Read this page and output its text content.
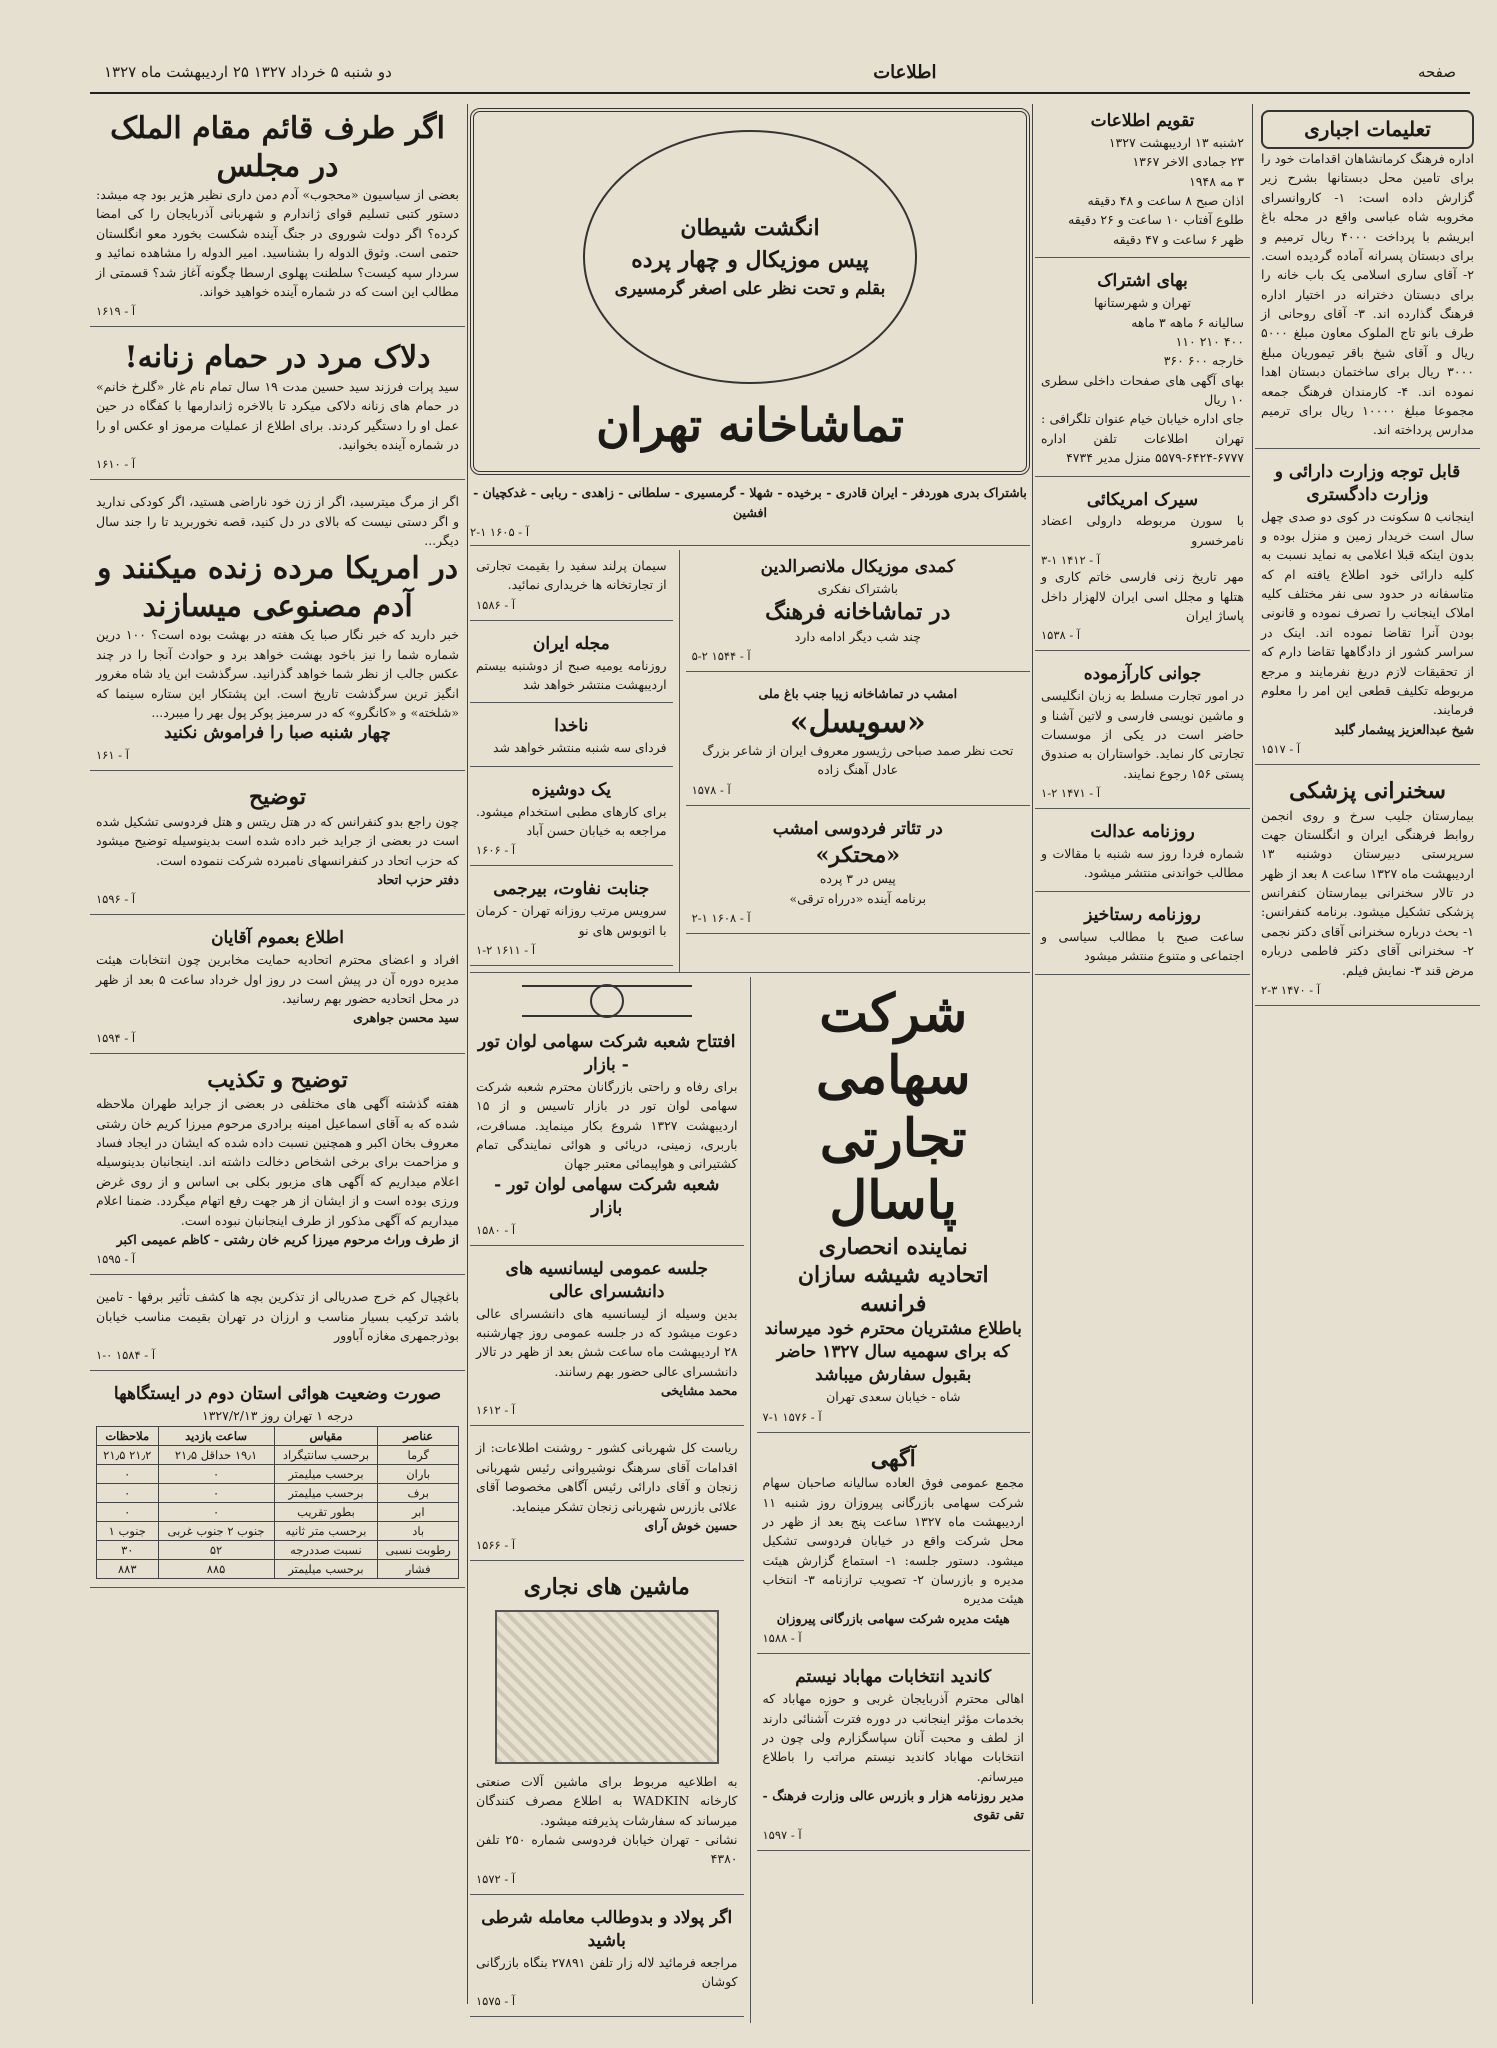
صفحه
اطلاعات
دو شنبه ۵ خرداد ۱۳۲۷ ۲۵ اردیبهشت ماه ۱۳۲۷
تعلیمات اجباری
اداره فرهنگ کرمانشاهان اقدامات خود را برای تامین محل دبستانها بشرح زیر گزارش داده است: ۱- کاروانسرای مخروبه شاه عباسی واقع در محله باغ ابریشم با پرداخت ۴۰۰۰ ریال ترمیم و برای دبستان پسرانه آماده گردیده است. ۲- آقای ساری اسلامی یک باب خانه را برای دبستان دخترانه در اختیار اداره فرهنگ گذارده اند. ۳- آقای روحانی از طرف بانو تاج الملوک معاون مبلغ ۵۰۰۰ ریال و آقای شیخ باقر تیموریان مبلغ ۳۰۰۰ ریال برای ساختمان دبستان اهدا نموده اند. ۴- کارمندان فرهنگ جمعه مجموعا مبلغ ۱۰۰۰۰ ریال برای ترمیم مدارس پرداخته اند.
قابل توجه وزارت دارائی و وزارت دادگستری
اینجانب ۵ سکونت در کوی دو صدی چهل سال است خریدار زمین و منزل بوده و بدون اینکه قبلا اعلامی به نماید نسبت به کلیه دارائی خود اطلاع یافته ام که متاسفانه در حدود سی نفر مختلف کلیه املاک اینجانب را تصرف نموده و قانونی بودن آنرا تقاضا نموده اند. اینک در سراسر کشور از دادگاهها تقاضا دارم که از تحقیقات لازم دریغ نفرمایند و مرجع مربوطه تکلیف قطعی این امر را معلوم فرمایند.
شیخ عبدالعزیز پیشمار گلبد
آ - ۱۵۱۷
سخنرانی پزشکی
بیمارستان جلیب سرخ و روی انجمن روابط فرهنگی ایران و انگلستان جهت سرپرستی دبیرستان دوشنبه ۱۳ اردیبهشت ماه ۱۳۲۷ ساعت ۸ بعد از ظهر در تالار سخنرانی بیمارستان کنفرانس پزشکی تشکیل میشود. برنامه کنفرانس: ۱- بحث درباره سخنرانی آقای دکتر نجمی ۲- سخنرانی آقای دکتر فاطمی درباره مرض قند ۳- نمایش فیلم.
آ - ۱۴۷۰ ۳-۲
تقویم اطلاعات
۲شنبه ۱۳ اردیبهشت ۱۳۲۷
۲۳ جمادی الاخر ۱۳۶۷
۳ مه ۱۹۴۸
اذان صبح ۸ ساعت و ۴۸ دقیقه
طلوع آفتاب ۱۰ ساعت و ۲۶ دقیقه
ظهر ۶ ساعت و ۴۷ دقیقه
بهای اشتراک
تهران و شهرستانها
سالیانه ۶ ماهه ۳ ماهه
۴۰۰ ۲۱۰ ۱۱۰
خارجه ۶۰۰ ۳۶۰
بهای آگهی های صفحات داخلی سطری ۱۰ ریال
جای اداره خیابان خیام عنوان تلگرافی : تهران اطلاعات تلفن اداره ۶۷۷۷-۶۴۲۴-۵۵۷۹ منزل مدیر ۴۷۳۴
سیرک امریکائی
با سورن مربوطه دارولی اعضاد نامرخسرو
آ - ۱۴۱۲ ۱-۳
مهر تاریخ زنی فارسی خاتم کاری و هتلها و مجلل اسی ایران لالهزار داخل پاساژ ایران
آ - ۱۵۳۸
جوانی کارآزموده
در امور تجارت مسلط به زبان انگلیسی و ماشین نویسی فارسی و لاتین آشنا و حاضر است در یکی از موسسات تجارتی کار نماید. خواستاران به صندوق پستی ۱۵۶ رجوع نمایند.
آ - ۱۴۷۱ ۲-۱
روزنامه عدالت
شماره فردا روز سه شنبه با مقالات و مطالب خواندنی منتشر میشود.
روزنامه رستاخیز
ساعت صبح با مطالب سیاسی و اجتماعی و متنوع منتشر میشود
انگشت شیطان
پیس موزیکال و چهار پرده
بقلم و تحت نظر علی اصغر گرمسیری
تماشاخانه تهران
باشتراک بدری هوردفر - ایران قادری - برخیده - شهلا - گرمسیری - سلطانی - زاهدی - ربابی - غدکچیان - افشین
آ - ۱۶۰۵ ۱-۲
کمدی موزیکال ملانصرالدین
باشتراک نفکری
در تماشاخانه فرهنگ
چند شب دیگر ادامه دارد
آ - ۱۵۴۴ ۲-۵
امشب در تماشاخانه زیبا جنب باغ ملی
«سویسل»
تحت نظر صمد صباحی رژیسور معروف ایران از شاعر بزرگ عادل آهنگ زاده
آ - ۱۵۷۸
در تئاتر فردوسی امشب
«محتکر»
پیس در ۳ پرده
برنامه آینده «درراه ترقی»
آ - ۱۶۰۸ ۱-۲
سیمان پرلند سفید را بقیمت تجارتی از تجارتخانه ها خریداری نمائید.
آ - ۱۵۸۶
مجله ایران
روزنامه یومیه صبح از دوشنبه بیستم اردیبهشت منتشر خواهد شد
ناخدا
فردای سه شنبه منتشر خواهد شد
یک دوشیزه
برای کارهای مطبی استخدام میشود. مراجعه به خیابان حسن آباد
آ - ۱۶۰۶
جنابت نفاوت، بیرجمی
سرویس مرتب روزانه تهران - کرمان با اتوبوس های نو
آ - ۱۶۱۱ ۲-۱
شرکت سهامی
تجارتی پاسال
نماینده انحصاری
اتحادیه شیشه سازان فرانسه
باطلاع مشتریان محترم خود میرساند که برای سهمیه سال ۱۳۲۷ حاضر بقبول سفارش میباشد
شاه - خیابان سعدی تهران
آ - ۱۵۷۶ ۱-۷
آگهی
مجمع عمومی فوق العاده سالیانه صاحبان سهام شرکت سهامی بازرگانی پیروزان روز شنبه ۱۱ اردیبهشت ماه ۱۳۲۷ ساعت پنج بعد از ظهر در محل شرکت واقع در خیابان فردوسی تشکیل میشود. دستور جلسه: ۱- استماع گزارش هیئت مدیره و بازرسان ۲- تصویب ترازنامه ۳- انتخاب هیئت مدیره
هیئت مدیره شرکت سهامی بازرگانی پیروزان
آ - ۱۵۸۸
کاندید انتخابات مهاباد نیستم
اهالی محترم آذربایجان غربی و حوزه مهاباد که بخدمات مؤثر اینجانب در دوره فترت آشنائی دارند از لطف و محبت آنان سپاسگزارم ولی چون در انتخابات مهاباد کاندید نیستم مراتب را باطلاع میرسانم.
مدیر روزنامه هزار و بازرس عالی وزارت فرهنگ - تقی تقوی
آ - ۱۵۹۷
افتتاح شعبه شرکت سهامی لوان تور - بازار
برای رفاه و راحتی بازرگانان محترم شعبه شرکت سهامی لوان تور در بازار تاسیس و از ۱۵ اردیبهشت ۱۳۲۷ شروع بکار مینماید. مسافرت، باربری، زمینی، دریائی و هوائی نمایندگی تمام کشتیرانی و هواپیمائی معتبر جهان
شعبه شرکت سهامی لوان تور - بازار
آ - ۱۵۸۰
جلسه عمومی لیسانسیه های دانشسرای عالی
بدین وسیله از لیسانسیه های دانشسرای عالی دعوت میشود که در جلسه عمومی روز چهارشنبه ۲۸ اردیبهشت ماه ساعت شش بعد از ظهر در تالار دانشسرای عالی حضور بهم رسانند.
محمد مشایخی
آ - ۱۶۱۲
ریاست کل شهربانی کشور - روشنت اطلاعات: از اقدامات آقای سرهنگ نوشیروانی رئیس شهربانی زنجان و آقای دارائی رئیس آگاهی مخصوصا آقای علائی بازرس شهربانی زنجان تشکر مینماید.
حسین خوش آرای
آ - ۱۵۶۶
ماشین های نجاری
به اطلاعیه مربوط برای ماشین آلات صنعتی کارخانه WADKIN به اطلاع مصرف کنندگان میرساند که سفارشات پذیرفته میشود.
نشانی - تهران خیابان فردوسی شماره ۲۵۰ تلفن ۴۳۸۰
آ - ۱۵۷۲
اگر پولاد و بدوطالب معامله شرطی باشید
مراجعه فرمائید لاله زار تلفن ۲۷۸۹۱ بنگاه بازرگانی کوشان
آ - ۱۵۷۵
اگر طرف قائم مقام الملک در مجلس
بعضی از سیاسیون «محجوب» آدم دمن داری نظیر هژیر بود چه میشد: دستور کتبی تسلیم قوای ژاندارم و شهربانی آذربایجان را کی امضا کرده؟ اگر دولت شوروی در جنگ آینده شکست بخورد معو انگلستان حتمی است. وثوق الدوله را بشناسید. امیر الدوله را مشاهده نمائید و سردار سپه کیست؟ سلطنت پهلوی ارسطا چگونه آغاز شد؟ قسمتی از مطالب این است که در شماره آینده خواهید خواند.
آ - ۱۶۱۹
دلاک مرد در حمام زنانه!
سید پرات فرزند سید حسین مدت ۱۹ سال تمام نام غار «گلرخ خانم» در حمام های زنانه دلاکی میکرد تا بالاخره ژاندارمها با کفگاه در حین عمل او را دستگیر کردند. برای اطلاع از عملیات مرموز او عکس او را در شماره آینده بخوانید.
آ - ۱۶۱۰
اگر از مرگ میترسید، اگر از زن خود ناراضی هستید، اگر کودکی ندارید و اگر دستی نیست که بالای در دل کنید، قصه نخوربرید تا را جند سال دیگر...
در امریکا مرده زنده میکنند و آدم مصنوعی میسازند
خبر دارید که خبر نگار صبا یک هفته در بهشت بوده است؟ ۱۰۰ درین شماره شما را نیز باخود بهشت خواهد برد و حوادث آنجا را در چند عکس جالب از نظر شما خواهد گذرانید. سرگذشت ابن یاد شاه مغرور انگیز ترین سرگذشت تاریخ است. این پشتکار این ستاره سینما که «شلخته» و «کانگرو» که در سرمیز پوکر پول بهر را میبرد...
چهار شنبه صبا را فراموش نکنید
آ - ۱۶۱
توضیح
چون راجع بدو کنفرانس که در هتل ریتس و هتل فردوسی تشکیل شده است در بعضی از جراید خبر داده شده است بدینوسیله توضیح میشود که حزب اتحاد در کنفرانسهای نامبرده شرکت ننموده است.
دفتر حزب اتحاد
آ - ۱۵۹۶
اطلاع بعموم آقایان
افراد و اعضای محترم اتحادیه حمایت مخابرین چون انتخابات هیئت مدیره دوره آن در پیش است در روز اول خرداد ساعت ۵ بعد از ظهر در محل اتحادیه حضور بهم رسانید.
سید محسن جواهری
آ - ۱۵۹۴
توضیح و تکذیب
هفته گذشته آگهی های مختلفی در بعضی از جراید طهران ملاحظه شده که به آقای اسماعیل امینه برادری مرحوم میرزا کریم خان رشتی معروف بخان اکبر و همچنین نسبت داده شده که ایشان در ایجاد فساد و مزاحمت برای برخی اشخاص دخالت داشته اند. اینجانبان بدینوسیله اعلام میداریم که آگهی های مزبور بکلی بی اساس و از روی غرض ورزی بوده است و از ایشان از هر جهت رفع اتهام میگردد. ضمنا اعلام میداریم که آگهی مذکور از طرف اینجانبان نبوده است.
از طرف وراث مرحوم میرزا کریم خان رشتی - کاظم عمیمی اکبر
آ - ۱۵۹۵
باغچیال کم خرج صدریالی از تذکرین بچه ها کشف تأثیر برفها - تامین باشد ترکیب بسیار مناسب و ارزان در تهران بقیمت مناسب خیابان بوذرجمهری مغازه آباوور
آ - ۱۵۸۴ ۰-۱
صورت وضعیت هوائی استان دوم در ایستگاهها
درجه ۱ تهران روز ۱۳۲۷/۲/۱۳
عناصر	مقیاس	ساعت بازدید	ملاحظات
گرما	برحسب سانتیگراد	۱۹٫۱ حداقل ۲۱٫۵	۲۱٫۲ ۲۱٫۵
باران	برحسب میلیمتر	۰	۰
برف	برحسب میلیمتر	۰	۰
ابر	بطور تقریب	۰	۰
باد	برحسب متر ثانیه	جنوب ۲ جنوب غربی	جنوب ۱
رطوبت نسبی	نسبت صددرجه	۵۲	۳۰
فشار	برحسب میلیمتر	۸۸۵	۸۸۳
